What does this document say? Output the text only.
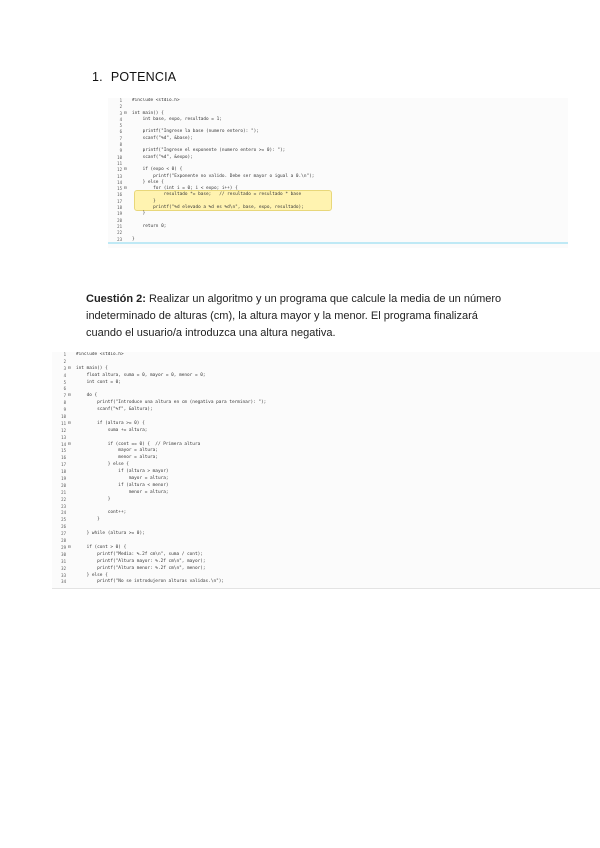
1. POTENCIA
1 #include <stdio.h>
2
3 ⊟	int main() {
4 int base, expo, resultado = 1;
5
6 printf("Ingrese la base (numero entero): ");
7 scanf("%d", &base);
8
9 printf("Ingrese el exponente (numero entero >= 0): ");
10 scanf("%d", &expo);
11
12 ⊟	if (expo < 0) {
13 printf("Exponente no valido. Debe ser mayor o igual a 0.\n");
14 } else {
15 ⊟	for (int i = 0; i < expo; i++) {
16 resultado *= base;   // resultado = resultado * base
17 }
18 printf("%d elevado a %d es %d\n", base, expo, resultado);
19 }
20
21 return 0;
22
23 }
Cuestión 2: Realizar un algoritmo y un programa que calcule la media de un número indeterminado de alturas (cm), la altura mayor y la menor. El programa finalizará cuando el usuario/a introduzca una altura negativa.
1 #include <stdio.h>
2
3 ⊟	int main() {
4 float altura, suma = 0, mayor = 0, menor = 0;
5 int cont = 0;
6
7 ⊟	do {
8 printf("Introduce una altura en cm (negativa para terminar): ");
9 scanf("%f", &altura);
10
11 ⊟	if (altura >= 0) {
12 suma += altura;
13
14 ⊟	if (cont == 0) {  // Primera altura
15 mayor = altura;
16 menor = altura;
17 } else {
18 if (altura > mayor)
19 mayor = altura;
20 if (altura < menor)
21 menor = altura;
22 }
23
24 cont++;
25 }
26
27 } while (altura >= 0);
28
29 ⊟	if (cont > 0) {
30 printf("Media: %.2f cm\n", suma / cont);
31 printf("Altura mayor: %.2f cm\n", mayor);
32 printf("Altura menor: %.2f cm\n", menor);
33 } else {
34 printf("No se introdujeron alturas validas.\n");
